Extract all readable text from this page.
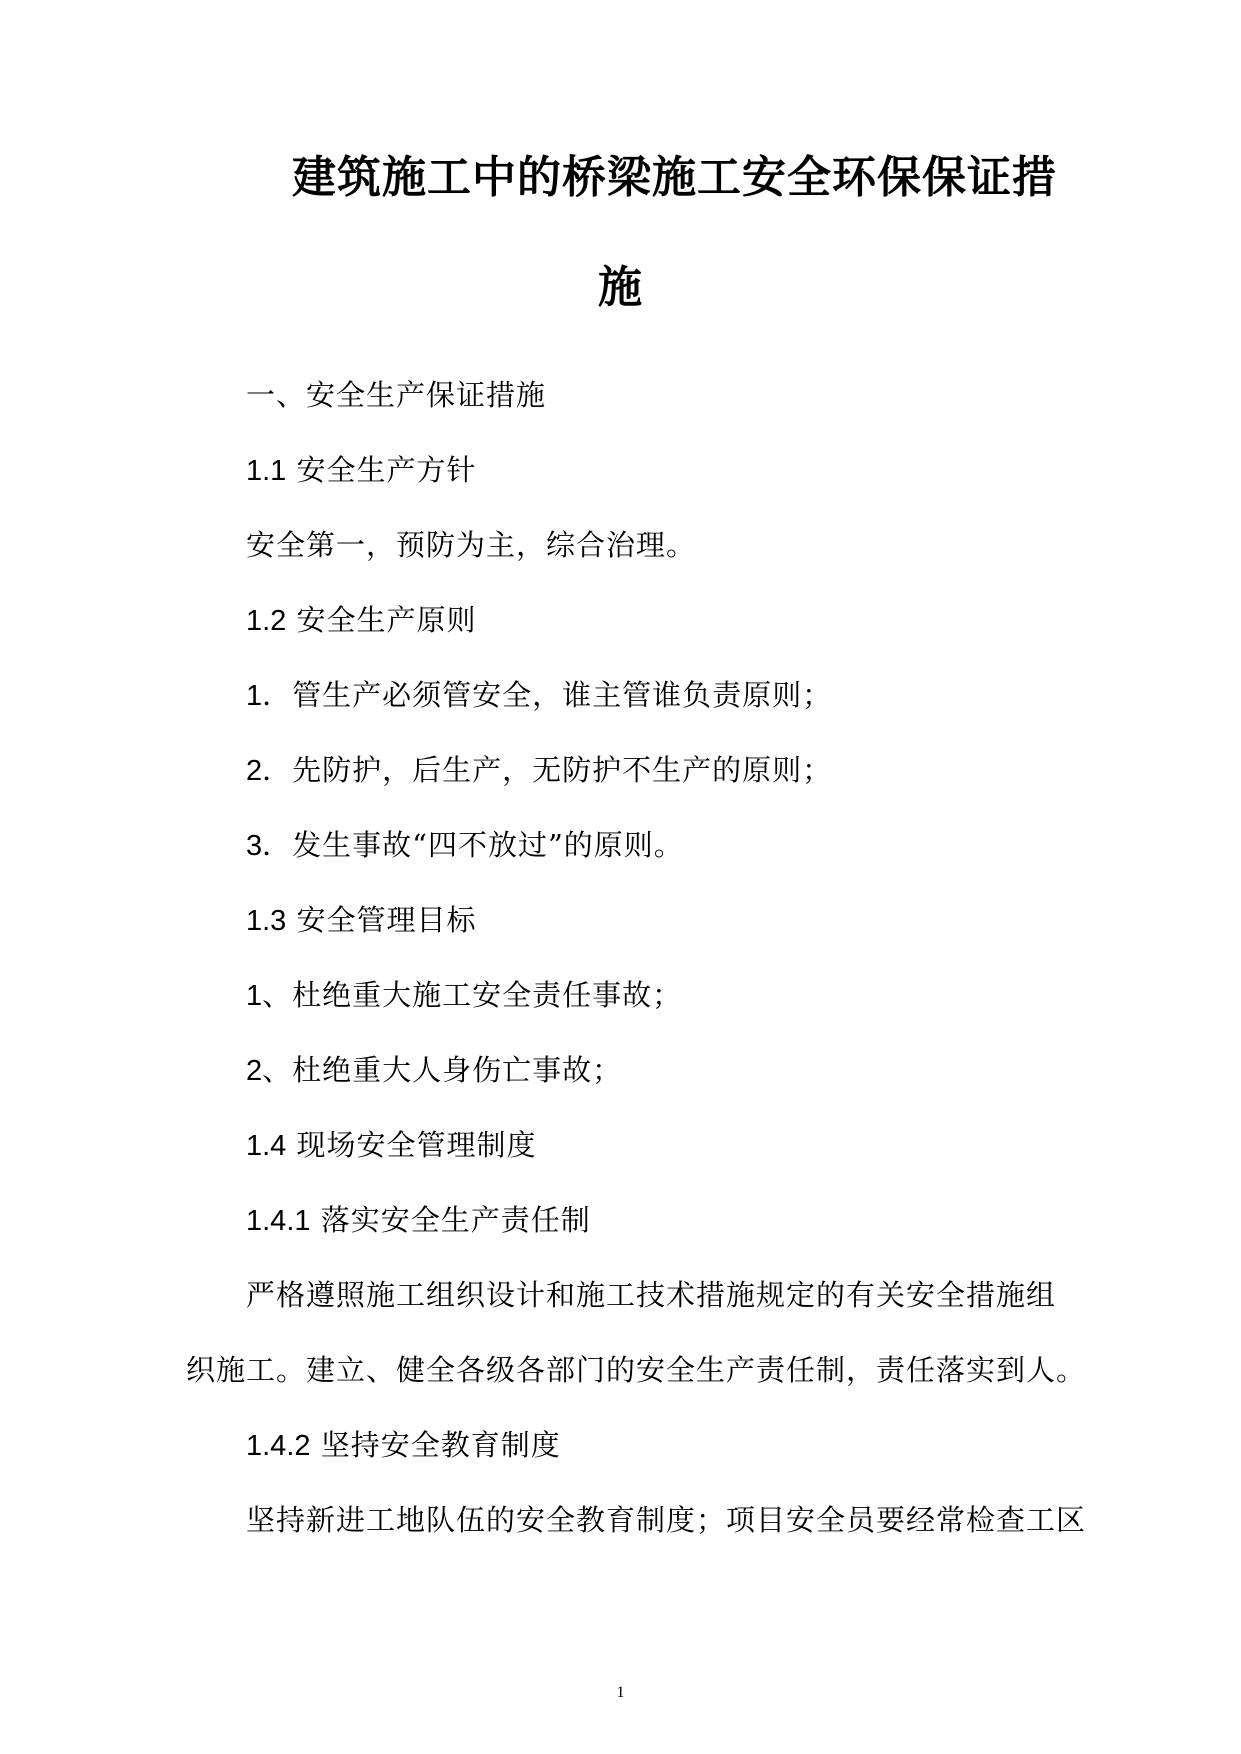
建筑施工中的桥梁施工安全环保保证措
施
一、安全生产保证措施
1.1 安全生产方针
安全第一，预防为主，综合治理。
1.2 安全生产原则
1．管生产必须管安全，谁主管谁负责原则；
2．先防护，后生产，无防护不生产的原则；
3．发生事故“四不放过”的原则。
1.3 安全管理目标
1、杜绝重大施工安全责任事故；
2、杜绝重大人身伤亡事故；
1.4 现场安全管理制度
1.4.1 落实安全生产责任制
严格遵照施工组织设计和施工技术措施规定的有关安全措施组
织施工。建立、健全各级各部门的安全生产责任制，责任落实到人。
1.4.2 坚持安全教育制度
坚持新进工地队伍的安全教育制度；项目安全员要经常检查工区
1
